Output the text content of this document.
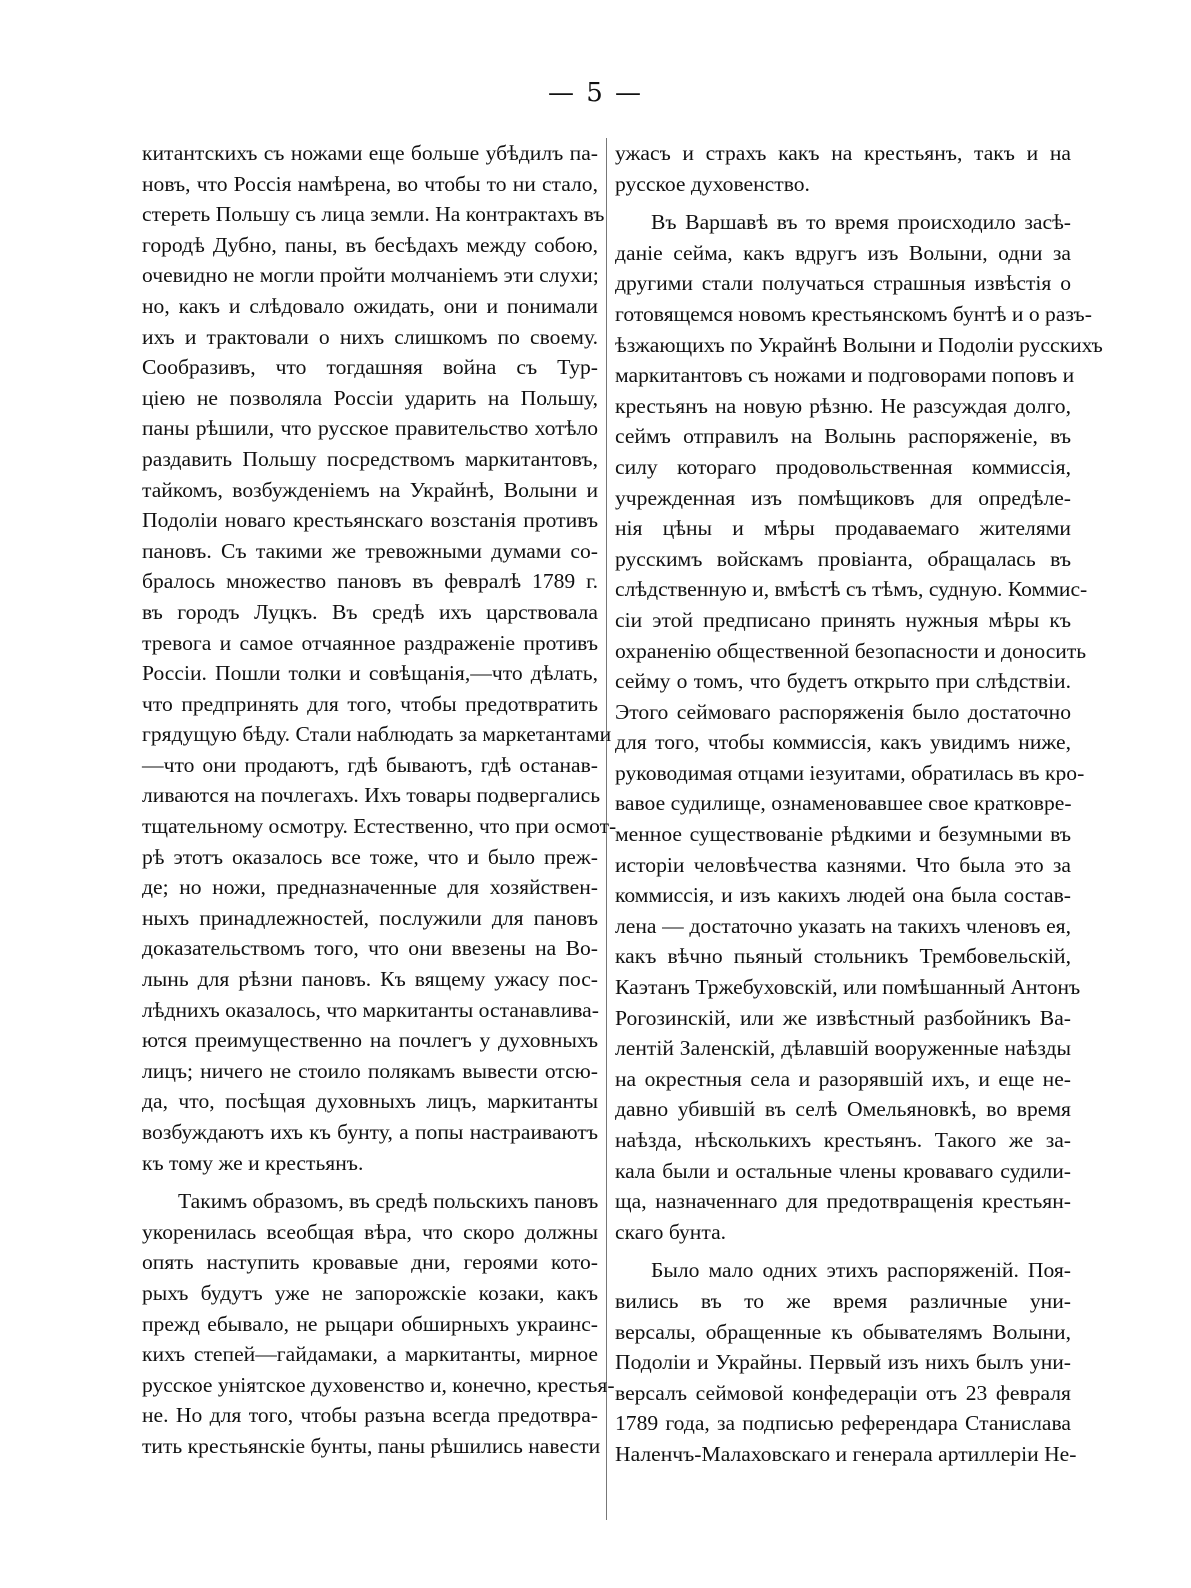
— 5 —
китантскихъ съ ножами еще больше убѣдилъ па-
новъ, что Россія намѣрена, во чтобы то ни стало,
стереть Польшу съ лица земли. На контрактахъ въ
городѣ Дубно, паны, въ бесѣдахъ между собою,
очевидно не могли пройти молчаніемъ эти слухи;
но, какъ и слѣдовало ожидать, они и понимали
ихъ и трактовали о нихъ слишкомъ по своему.
Сообразивъ, что тогдашняя война съ Тур-
ціею не позволяла Россіи ударить на Польшу,
паны рѣшили, что русское правительство хотѣло
раздавить Польшу посредствомъ маркитантовъ,
тайкомъ, возбужденіемъ на Украйнѣ, Волыни и
Подоліи новаго крестьянскаго возстанія противъ
пановъ. Съ такими же тревожными думами со-
бралось множество пановъ въ февралѣ 1789 г.
въ городъ Луцкъ. Въ средѣ ихъ царствовала
тревога и самое отчаянное раздраженіе противъ
Россіи. Пошли толки и совѣщанія,—что дѣлать,
что предпринять для того, чтобы предотвратить
грядущую бѣду. Стали наблюдать за маркетантами
—что они продаютъ, гдѣ бываютъ, гдѣ останав-
ливаются на почлегахъ. Ихъ товары подвергались
тщательному осмотру. Естественно, что при осмот-
рѣ этотъ оказалось все тоже, что и было преж-
де; но ножи, предназначенные для хозяйствен-
ныхъ принадлежностей, послужили для пановъ
доказательствомъ того, что они ввезены на Во-
лынь для рѣзни пановъ. Къ вящему ужасу пос-
лѣднихъ оказалось, что маркитанты останавлива-
ются преимущественно на почлегъ у духовныхъ
лицъ; ничего не стоило полякамъ вывести отсю-
да, что, посѣщая духовныхъ лицъ, маркитанты
возбуждаютъ ихъ къ бунту, а попы настраиваютъ
къ тому же и крестьянъ.
Такимъ образомъ, въ средѣ польскихъ пановъ
укоренилась всеобщая вѣра, что скоро должны
опять наступить кровавые дни, героями кото-
рыхъ будутъ уже не запорожскіе козаки, какъ
прежд ебывало, не рыцари обширныхъ украинс-
кихъ степей—гайдамаки, а маркитанты, мирное
русское уніятское духовенство и, конечно, крестья-
не. Но для того, чтобы разъна всегда предотвра-
тить крестьянскіе бунты, паны рѣшились навести
ужасъ и страхъ какъ на крестьянъ, такъ и на
русское духовенство.
Въ Варшавѣ въ то время происходило засѣ-
даніе сейма, какъ вдругъ изъ Волыни, одни за
другими стали получаться страшныя извѣстія о
готовящемся новомъ крестьянскомъ бунтѣ и о разъ-
ѣзжающихъ по Украйнѣ Волыни и Подоліи русскихъ
маркитантовъ съ ножами и подговорами поповъ и
крестьянъ на новую рѣзню. Не разсуждая долго,
сеймъ отправилъ на Волынь распоряженіе, въ
силу котораго продовольственная коммиссія,
учрежденная изъ помѣщиковъ для опредѣле-
нія цѣны и мѣры продаваемаго жителями
русскимъ войскамъ провіанта, обращалась въ
слѣдственную и, вмѣстѣ съ тѣмъ, судную. Коммис-
сіи этой предписано принять нужныя мѣры къ
охраненію общественной безопасности и доносить
сейму о томъ, что будетъ открыто при слѣдствіи.
Этого сеймоваго распоряженія было достаточно
для того, чтобы коммиссія, какъ увидимъ ниже,
руководимая отцами іезуитами, обратилась въ кро-
вавое судилище, ознаменовавшее свое кратковре-
менное существованіе рѣдкими и безумными въ
исторіи человѣчества казнями. Что была это за
коммиссія, и изъ какихъ людей она была состав-
лена — достаточно указать на такихъ членовъ ея,
какъ вѣчно пьяный стольникъ Трембовельскій,
Каэтанъ Тржебуховскій, или помѣшанный Антонъ
Рогозинскій, или же извѣстный разбойникъ Ва-
лентій Заленскій, дѣлавшій вооруженные наѣзды
на окрестныя села и разорявшій ихъ, и еще не-
давно убившій въ селѣ Омельяновкѣ, во время
наѣзда, нѣсколькихъ крестьянъ. Такого же за-
кала были и остальные члены кроваваго судили-
ща, назначеннаго для предотвращенія крестьян-
скаго бунта.
Было мало одних этихъ распоряженій. Поя-
вились въ то же время различные уни-
версалы, обращенные къ обывателямъ Волыни,
Подоліи и Украйны. Первый изъ нихъ былъ уни-
версалъ сеймовой конфедераціи отъ 23 февраля
1789 года, за подписью референдара Станислава
Наленчъ-Малаховскаго и генерала артиллеріи Не-
